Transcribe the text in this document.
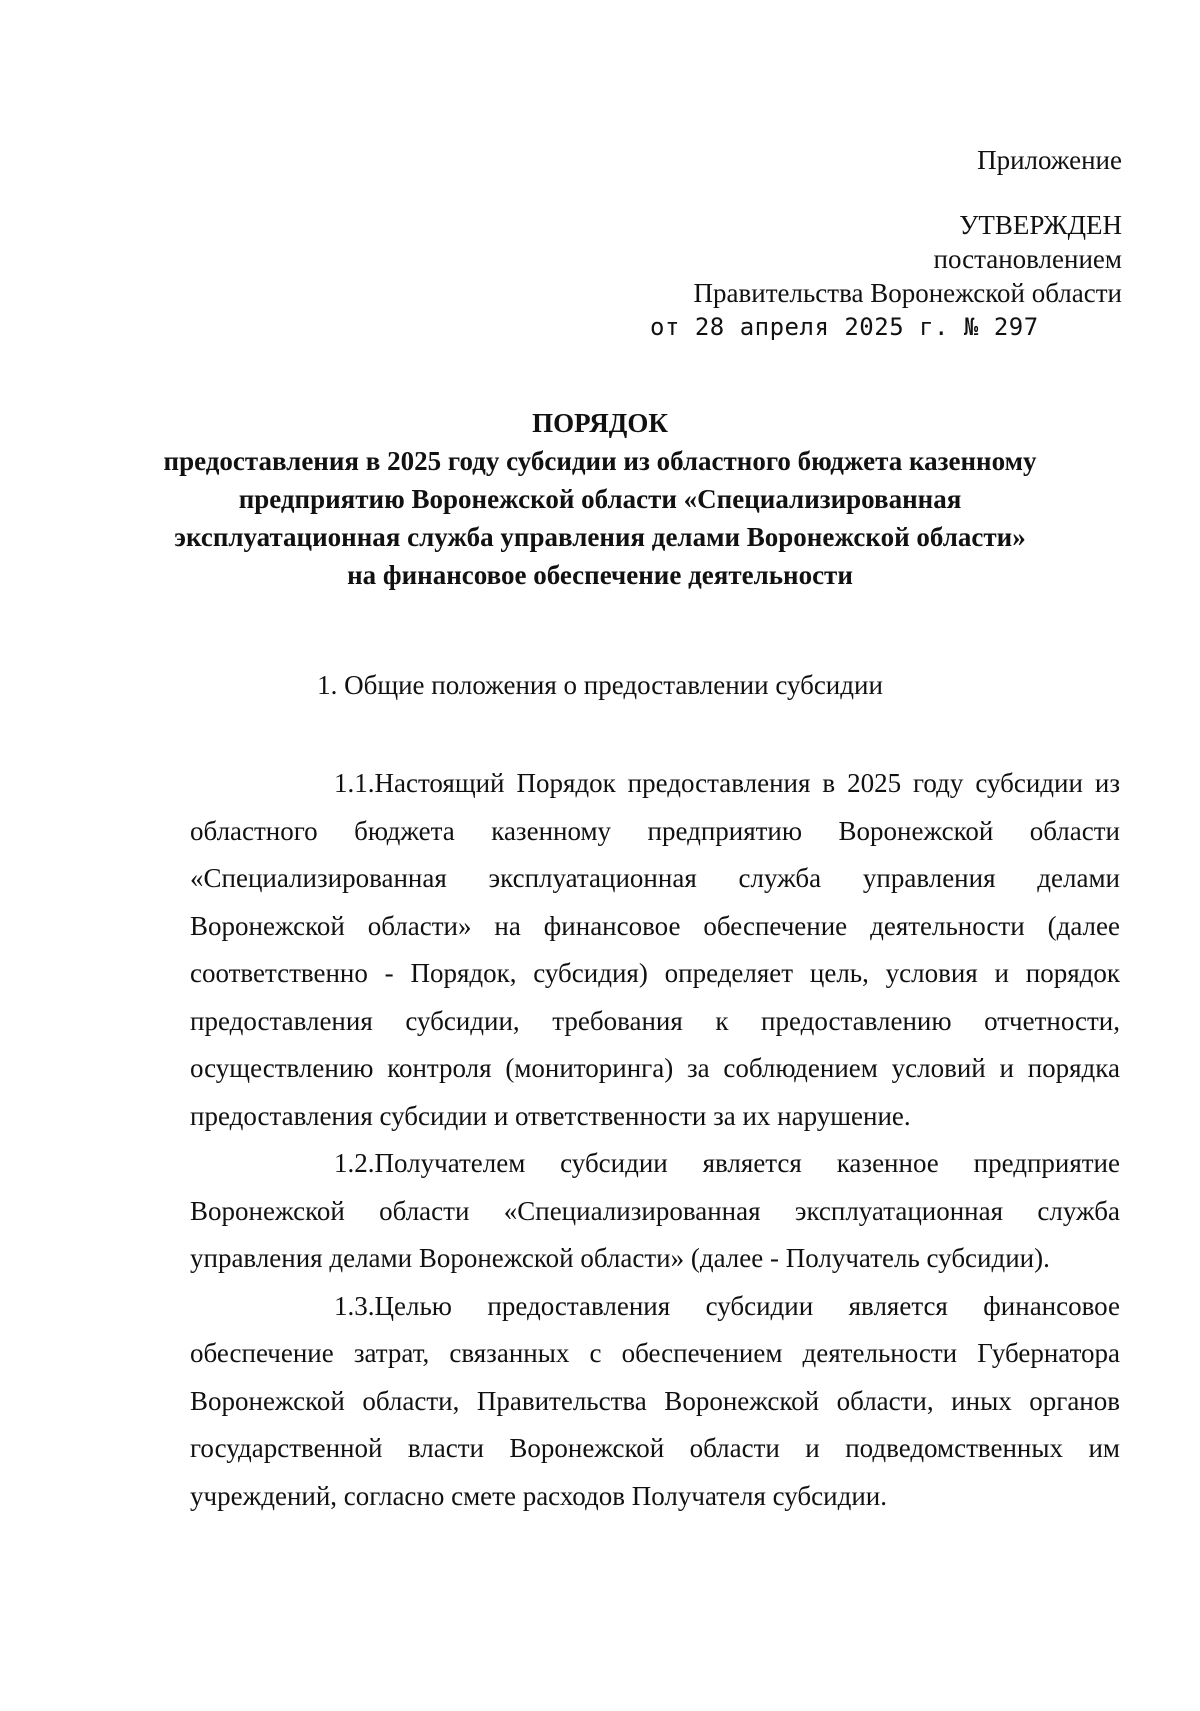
Приложение
УТВЕРЖДЕН
постановлением
Правительства Воронежской области
от 28 апреля 2025 г. № 297
ПОРЯДОК
предоставления в 2025 году субсидии из областного бюджета казенному
предприятию Воронежской области «Специализированная
эксплуатационная служба управления делами Воронежской области»
на финансовое обеспечение деятельности
1. Общие положения о предоставлении субсидии

1.1.Настоящий Порядок предоставления в 2025 году субсидии из областного бюджета казенному предприятию Воронежской области «Специализированная эксплуатационная служба управления делами Воронежской области» на финансовое обеспечение деятельности (далее соответственно - Порядок, субсидия) определяет цель, условия и порядок предоставления субсидии, требования к предоставлению отчетности, осуществлению контроля (мониторинга) за соблюдением условий и порядка предоставления субсидии и ответственности за их нарушение.

1.2.Получателем субсидии является казенное предприятие Воронежской области «Специализированная эксплуатационная служба управления делами Воронежской области» (далее - Получатель субсидии).

1.3.Целью предоставления субсидии является финансовое обеспечение затрат, связанных с обеспечением деятельности Губернатора Воронежской области, Правительства Воронежской области, иных органов государственной власти Воронежской области и подведомственных им учреждений, согласно смете расходов Получателя субсидии.
